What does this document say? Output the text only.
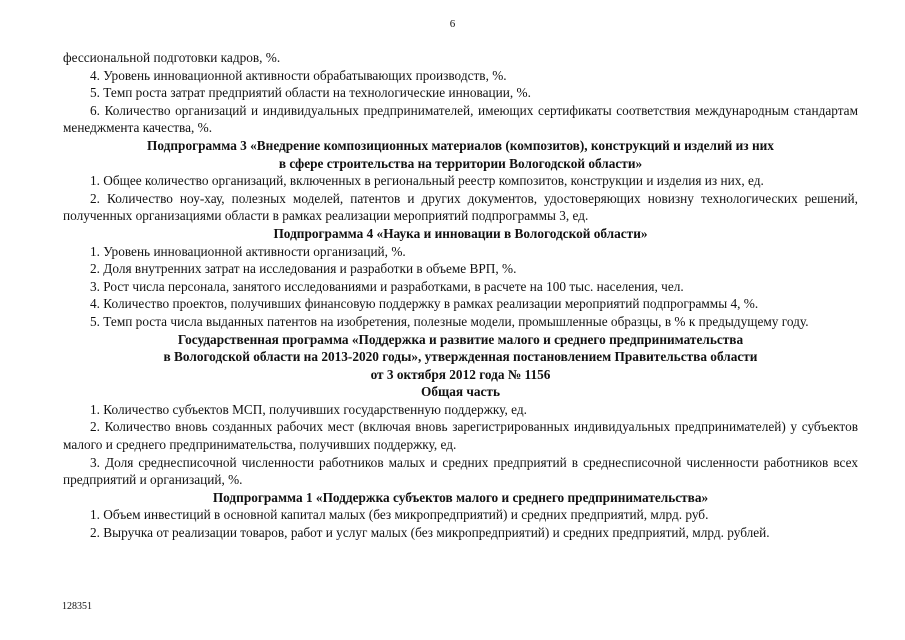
6
фессиональной подготовки кадров, %.
4. Уровень инновационной активности обрабатывающих производств, %.
5. Темп роста затрат предприятий области на технологические инновации, %.
6. Количество организаций и индивидуальных предпринимателей, имеющих сертификаты соответствия международным стандартам менеджмента качества, %.
Подпрограмма 3 «Внедрение композиционных материалов (композитов), конструкций и изделий из них
в сфере строительства на территории Вологодской области»
1. Общее количество организаций, включенных в региональный реестр композитов, конструкции и изделия из них, ед.
2. Количество ноу-хау, полезных моделей, патентов и других документов, удостоверяющих новизну технологических решений, полученных организациями области в рамках реализации мероприятий подпрограммы 3, ед.
Подпрограмма 4 «Наука и инновации в Вологодской области»
1. Уровень инновационной активности организаций, %.
2. Доля внутренних затрат на исследования и разработки в объеме ВРП, %.
3. Рост числа персонала, занятого исследованиями и разработками, в расчете на 100 тыс. населения, чел.
4. Количество проектов, получивших финансовую поддержку в рамках реализации мероприятий подпрограммы 4, %.
5. Темп роста числа выданных патентов на изобретения, полезные модели, промышленные образцы, в % к предыдущему году.
Государственная программа «Поддержка и развитие малого и среднего предпринимательства
в Вологодской области на 2013-2020 годы», утвержденная постановлением Правительства области
от 3 октября 2012 года № 1156
Общая часть
1. Количество субъектов МСП, получивших государственную поддержку, ед.
2. Количество вновь созданных рабочих мест (включая вновь зарегистрированных индивидуальных предпринимателей) у субъектов малого и среднего предпринимательства, получивших поддержку, ед.
3. Доля среднесписочной численности работников малых и средних предприятий в среднесписочной численности работников всех предприятий и организаций, %.
Подпрограмма 1 «Поддержка субъектов малого и среднего предпринимательства»
1. Объем инвестиций в основной капитал малых (без микропредприятий) и средних предприятий, млрд. руб.
2. Выручка от реализации товаров, работ и услуг малых (без микропредприятий) и средних предприятий, млрд. рублей.
128351
